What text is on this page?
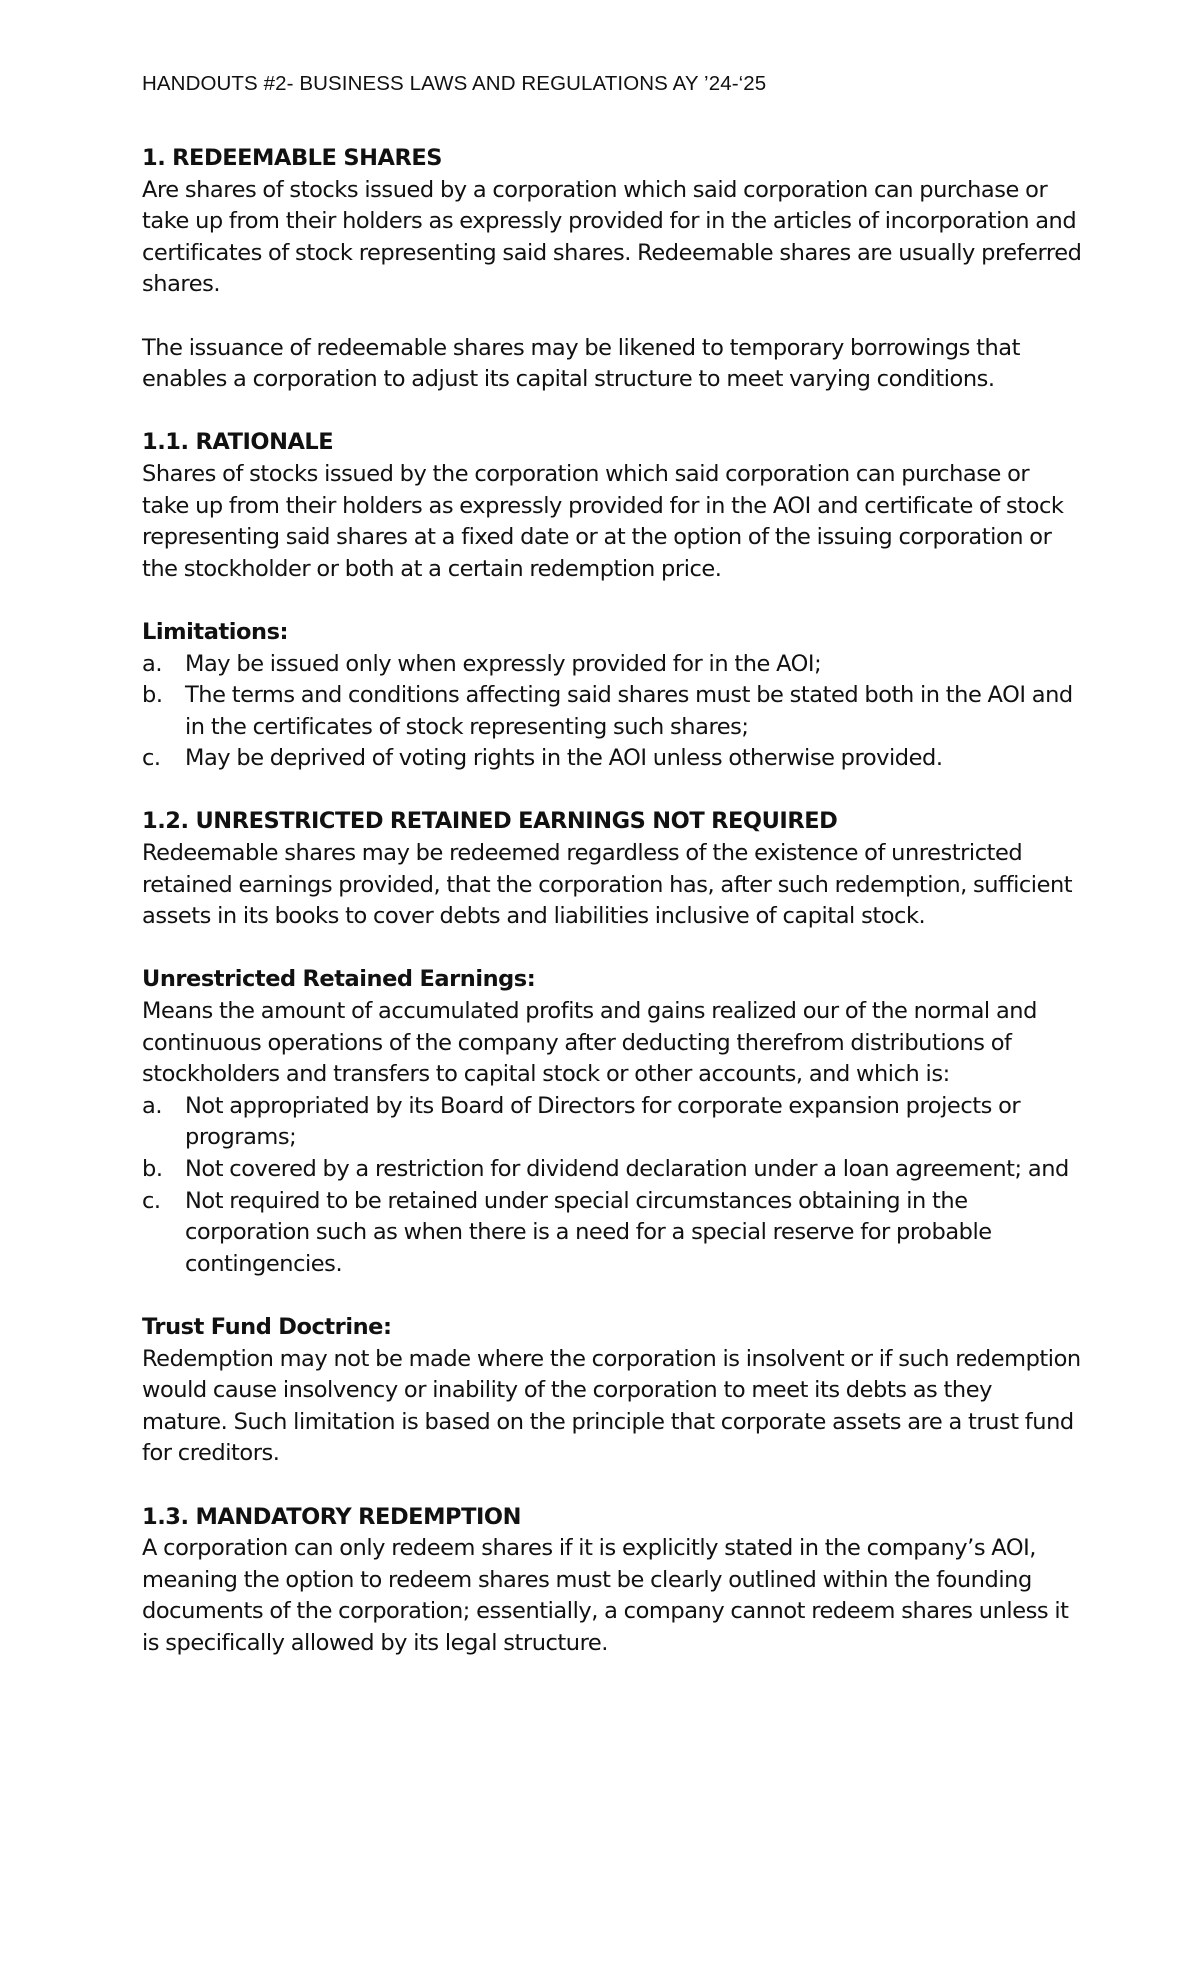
HANDOUTS #2- BUSINESS LAWS AND REGULATIONS AY ’24-‘25

1. REDEEMABLE SHARES

Are shares of stocks issued by a corporation which said corporation can purchase or take up from their holders as expressly provided for in the articles of incorporation and certificates of stock representing said shares. Redeemable shares are usually preferred shares.

The issuance of redeemable shares may be likened to temporary borrowings that enables a corporation to adjust its capital structure to meet varying conditions.

1.1. RATIONALE

Shares of stocks issued by the corporation which said corporation can purchase or take up from their holders as expressly provided for in the AOI and certificate of stock representing said shares at a fixed date or at the option of the issuing corporation or the stockholder or both at a certain redemption price.

Limitations:

a. May be issued only when expressly provided for in the AOI;
b. The terms and conditions affecting said shares must be stated both in the AOI and in the certificates of stock representing such shares;
c. May be deprived of voting rights in the AOI unless otherwise provided.

1.2. UNRESTRICTED RETAINED EARNINGS NOT REQUIRED

Redeemable shares may be redeemed regardless of the existence of unrestricted retained earnings provided, that the corporation has, after such redemption, sufficient assets in its books to cover debts and liabilities inclusive of capital stock.

Unrestricted Retained Earnings:

Means the amount of accumulated profits and gains realized our of the normal and continuous operations of the company after deducting therefrom distributions of stockholders and transfers to capital stock or other accounts, and which is:

a. Not appropriated by its Board of Directors for corporate expansion projects or programs;
b. Not covered by a restriction for dividend declaration under a loan agreement; and
c. Not required to be retained under special circumstances obtaining in the corporation such as when there is a need for a special reserve for probable contingencies.

Trust Fund Doctrine:

Redemption may not be made where the corporation is insolvent or if such redemption would cause insolvency or inability of the corporation to meet its debts as they mature. Such limitation is based on the principle that corporate assets are a trust fund for creditors.

1.3. MANDATORY REDEMPTION

A corporation can only redeem shares if it is explicitly stated in the company’s AOI, meaning the option to redeem shares must be clearly outlined within the founding documents of the corporation; essentially, a company cannot redeem shares unless it is specifically allowed by its legal structure.
